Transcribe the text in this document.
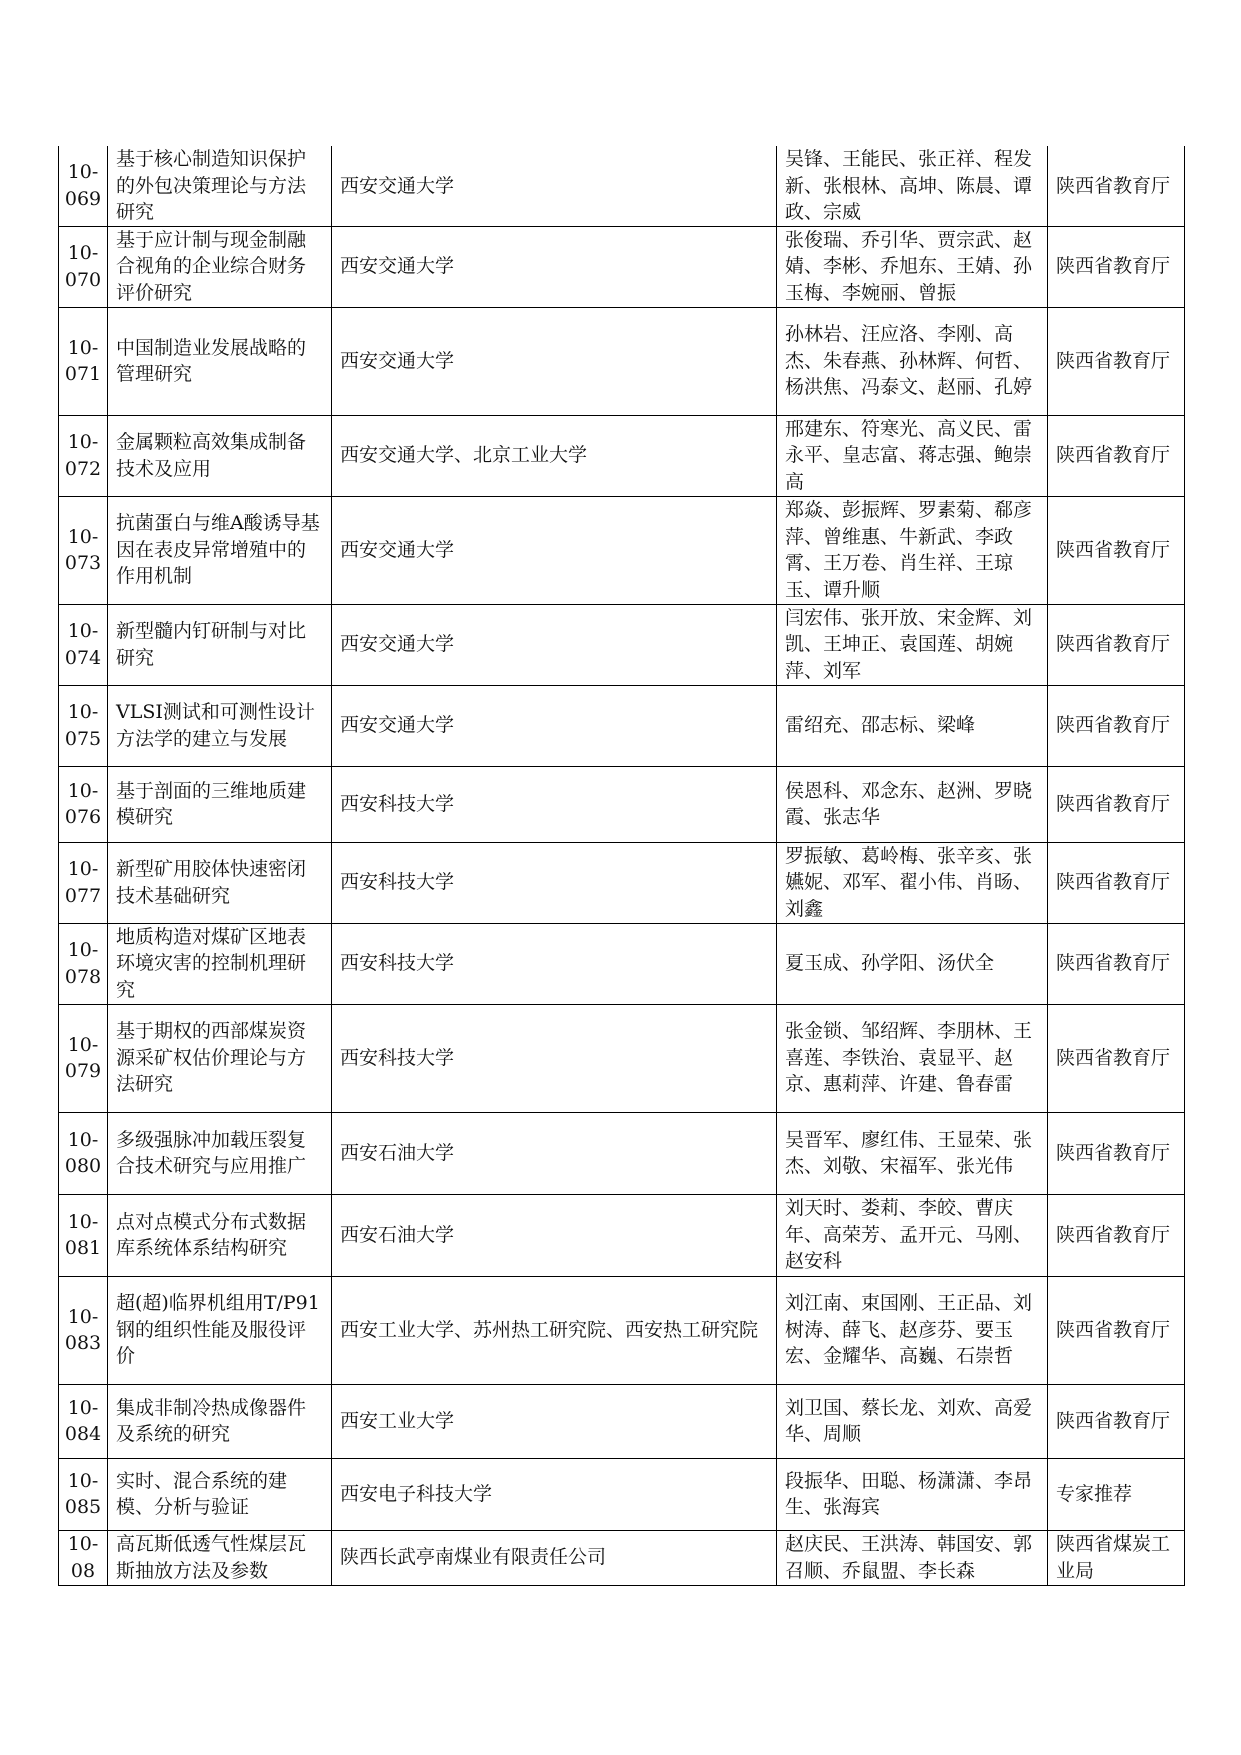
10-069	基于核心制造知识保护的外包决策理论与方法研究	西安交通大学	吴锋、王能民、张正祥、程发新、张根林、高坤、陈晨、谭政、宗威	陕西省教育厅
10-070	基于应计制与现金制融合视角的企业综合财务评价研究	西安交通大学	张俊瑞、乔引华、贾宗武、赵婧、李彬、乔旭东、王婧、孙玉梅、李婉丽、曾振	陕西省教育厅
10-071	中国制造业发展战略的管理研究	西安交通大学	孙林岩、汪应洛、李刚、高杰、朱春燕、孙林辉、何哲、杨洪焦、冯泰文、赵丽、孔婷	陕西省教育厅
10-072	金属颗粒高效集成制备技术及应用	西安交通大学、北京工业大学	邢建东、符寒光、高义民、雷永平、皇志富、蒋志强、鲍崇高	陕西省教育厅
10-073	抗菌蛋白与维A酸诱导基因在表皮异常增殖中的作用机制	西安交通大学	郑焱、彭振辉、罗素菊、郗彦萍、曾维惠、牛新武、李政霄、王万卷、肖生祥、王琼玉、谭升顺	陕西省教育厅
10-074	新型髓内钉研制与对比研究	西安交通大学	闫宏伟、张开放、宋金辉、刘凯、王坤正、袁国莲、胡婉萍、刘军	陕西省教育厅
10-075	VLSI测试和可测性设计方法学的建立与发展	西安交通大学	雷绍充、邵志标、梁峰	陕西省教育厅
10-076	基于剖面的三维地质建模研究	西安科技大学	侯恩科、邓念东、赵洲、罗晓霞、张志华	陕西省教育厅
10-077	新型矿用胶体快速密闭技术基础研究	西安科技大学	罗振敏、葛岭梅、张辛亥、张嬿妮、邓军、翟小伟、肖旸、刘鑫	陕西省教育厅
10-078	地质构造对煤矿区地表环境灾害的控制机理研究	西安科技大学	夏玉成、孙学阳、汤伏全	陕西省教育厅
10-079	基于期权的西部煤炭资源采矿权估价理论与方法研究	西安科技大学	张金锁、邹绍辉、李朋林、王喜莲、李铁治、袁显平、赵京、惠莉萍、许建、鲁春雷	陕西省教育厅
10-080	多级强脉冲加载压裂复合技术研究与应用推广	西安石油大学	吴晋军、廖红伟、王显荣、张杰、刘敬、宋福军、张光伟	陕西省教育厅
10-081	点对点模式分布式数据库系统体系结构研究	西安石油大学	刘天时、娄莉、李皎、曹庆年、高荣芳、孟开元、马刚、赵安科	陕西省教育厅
10-083	超(超)临界机组用T/P91钢的组织性能及服役评价	西安工业大学、苏州热工研究院、西安热工研究院	刘江南、束国刚、王正品、刘树涛、薛飞、赵彦芬、要玉宏、金耀华、高巍、石崇哲	陕西省教育厅
10-084	集成非制冷热成像器件及系统的研究	西安工业大学	刘卫国、蔡长龙、刘欢、高爱华、周顺	陕西省教育厅
10-085	实时、混合系统的建模、分析与验证	西安电子科技大学	段振华、田聪、杨潇潇、李昂生、张海宾	专家推荐
10-08	高瓦斯低透气性煤层瓦斯抽放方法及参数	陕西长武亭南煤业有限责任公司	赵庆民、王洪涛、韩国安、郭召顺、乔鼠盟、李长森	陕西省煤炭工业局
